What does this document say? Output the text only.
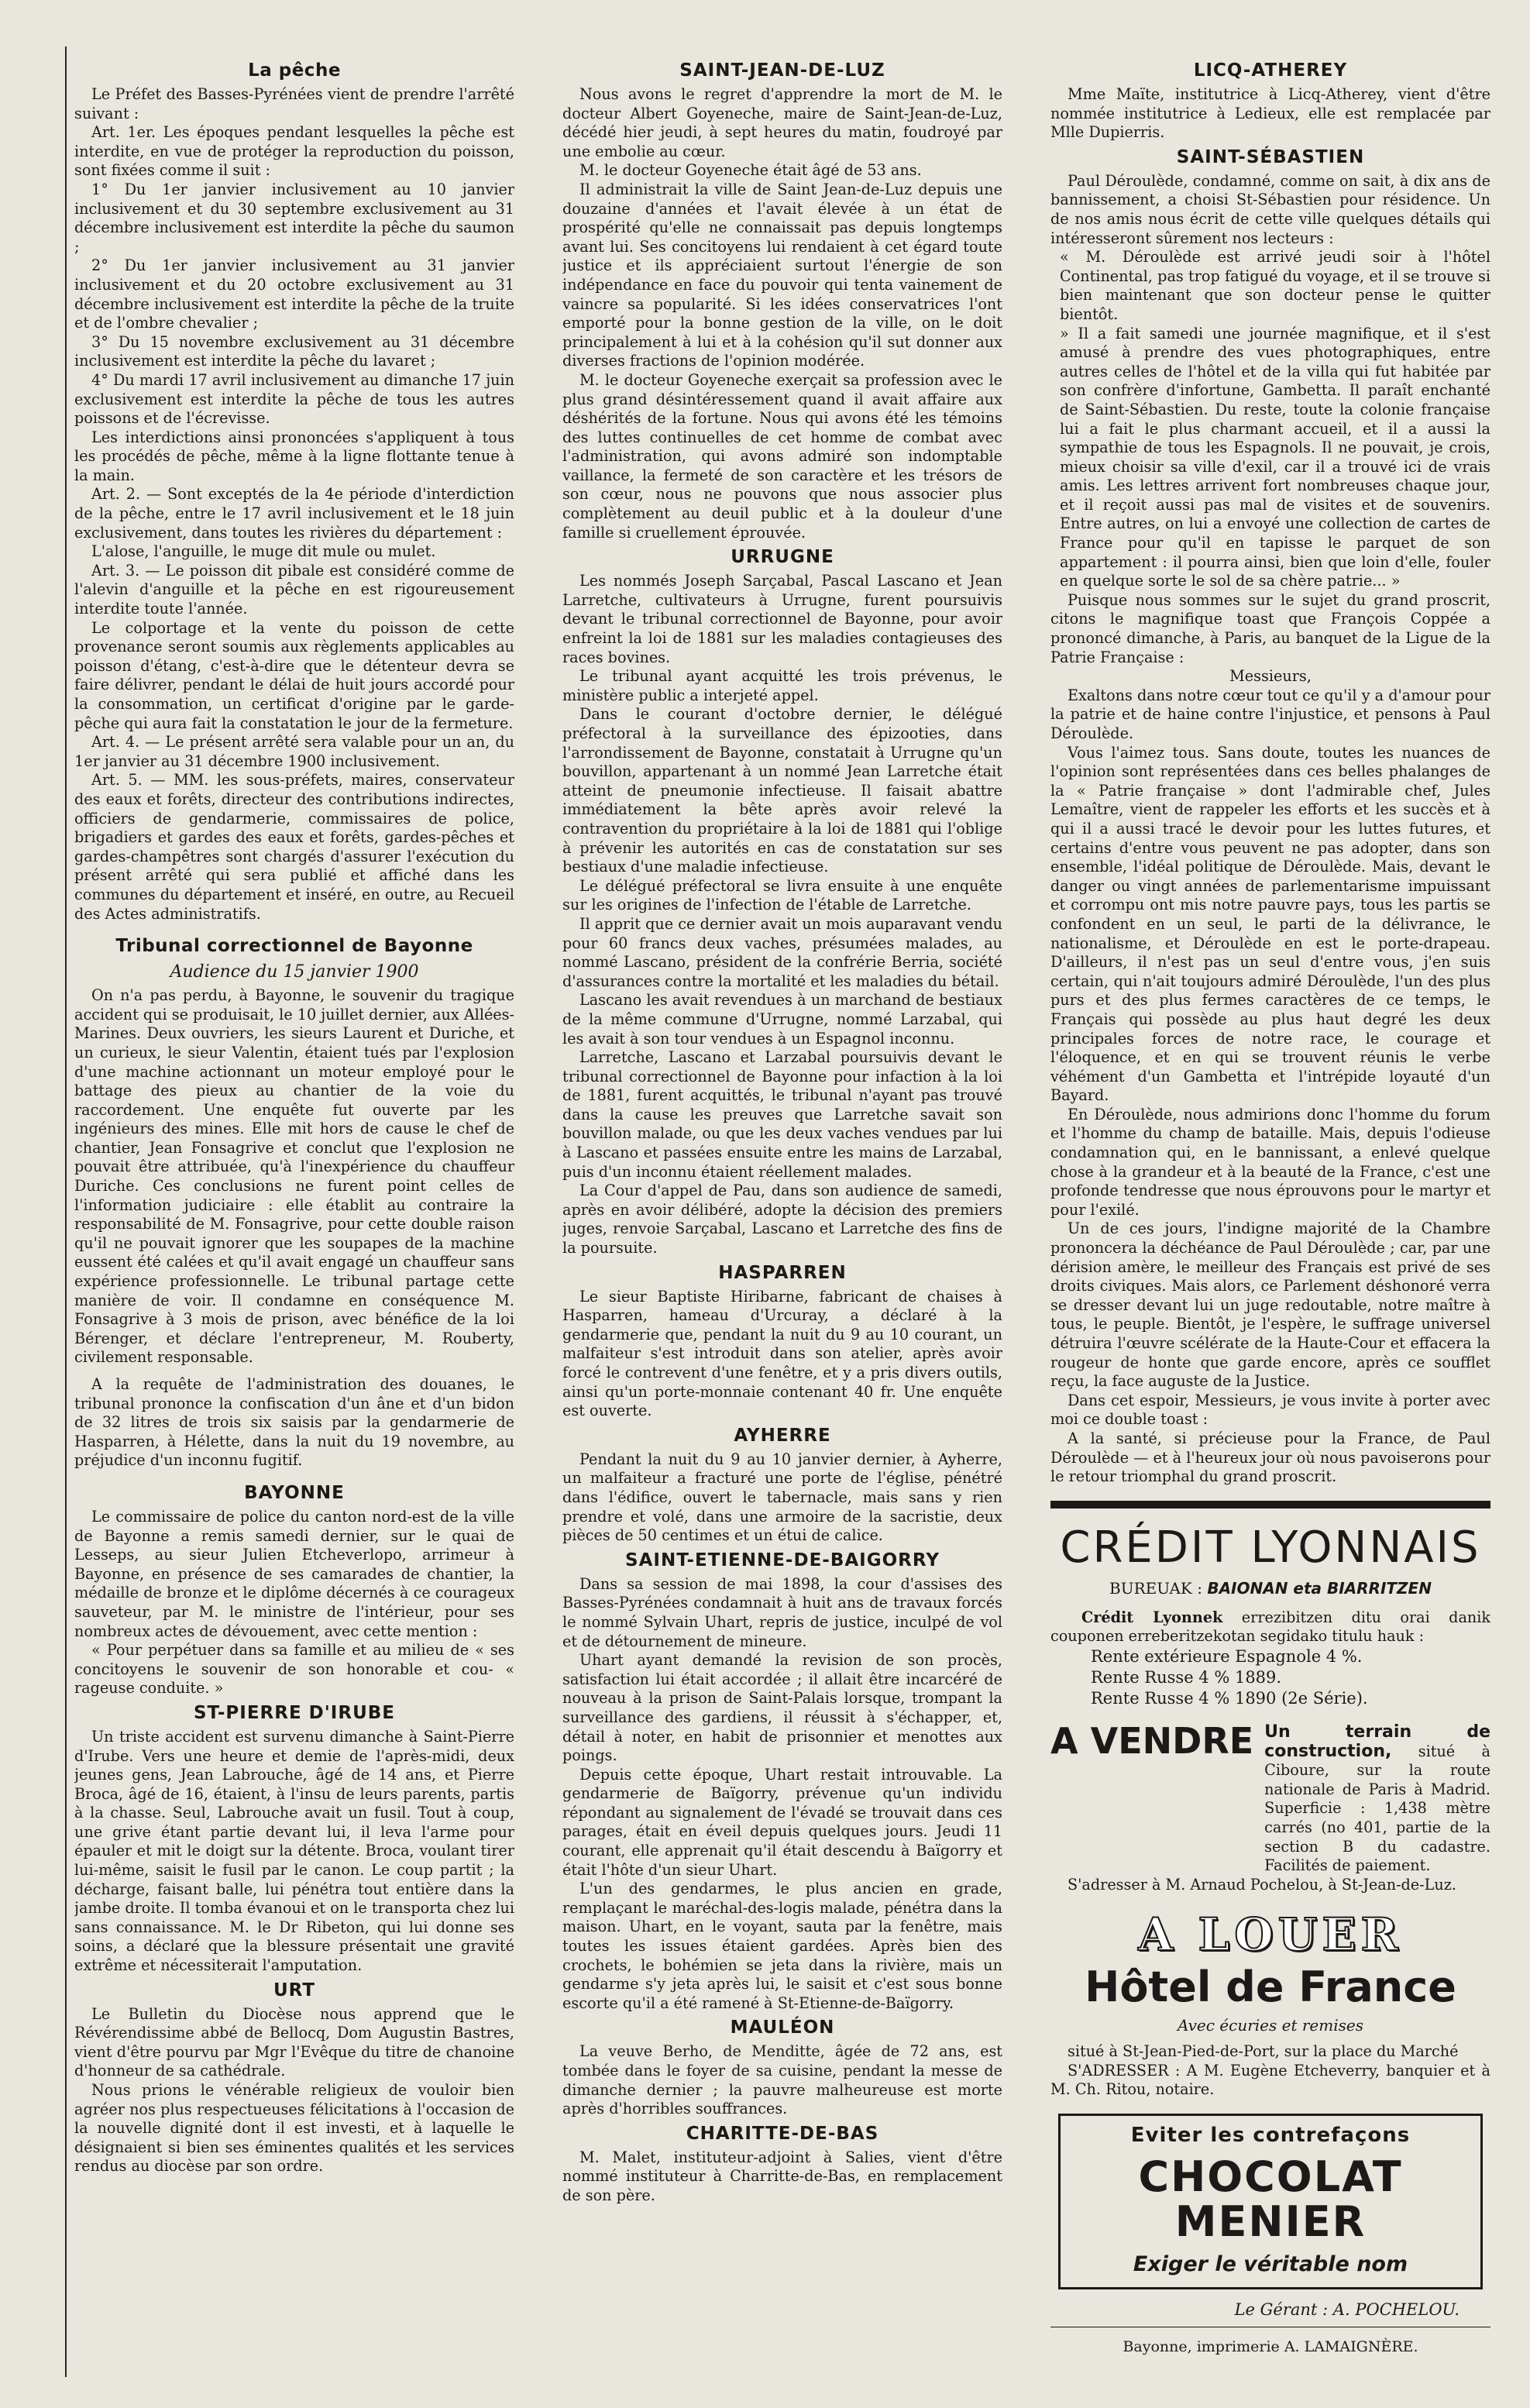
La pêche

Le Préfet des Basses-Pyrénées vient de prendre l'arrêté suivant :

Art. 1er. Les époques pendant lesquelles la pêche est interdite, en vue de protéger la reproduction du poisson, sont fixées comme il suit :

1° Du 1er janvier inclusivement au 10 janvier inclusivement et du 30 septembre exclusivement au 31 décembre inclusivement est interdite la pêche du saumon ;

2° Du 1er janvier inclusivement au 31 janvier inclusivement et du 20 octobre exclusivement au 31 décembre inclusivement est interdite la pêche de la truite et de l'ombre chevalier ;

3° Du 15 novembre exclusivement au 31 décembre inclusivement est interdite la pêche du lavaret ;

4° Du mardi 17 avril inclusivement au dimanche 17 juin exclusivement est interdite la pêche de tous les autres poissons et de l'écrevisse.

Les interdictions ainsi prononcées s'appliquent à tous les procédés de pêche, même à la ligne flottante tenue à la main.

Art. 2. — Sont exceptés de la 4e période d'interdiction de la pêche, entre le 17 avril inclusivement et le 18 juin exclusivement, dans toutes les rivières du département :

L'alose, l'anguille, le muge dit mule ou mulet.

Art. 3. — Le poisson dit pibale est considéré comme de l'alevin d'anguille et la pêche en est rigoureusement interdite toute l'année.

Le colportage et la vente du poisson de cette provenance seront soumis aux règlements applicables au poisson d'étang, c'est-à-dire que le détenteur devra se faire délivrer, pendant le délai de huit jours accordé pour la consommation, un certificat d'origine par le garde-pêche qui aura fait la constatation le jour de la fermeture.

Art. 4. — Le présent arrêté sera valable pour un an, du 1er janvier au 31 décembre 1900 inclusivement.

Art. 5. — MM. les sous-préfets, maires, conservateur des eaux et forêts, directeur des contributions indirectes, officiers de gendarmerie, commissaires de police, brigadiers et gardes des eaux et forêts, gardes-pêches et gardes-champêtres sont chargés d'assurer l'exécution du présent arrêté qui sera publié et affiché dans les communes du département et inséré, en outre, au Recueil des Actes administratifs.

Tribunal correctionnel de Bayonne
Audience du 15 janvier 1900

On n'a pas perdu, à Bayonne, le souvenir du tragique accident qui se produisait, le 10 juillet dernier, aux Allées-Marines. Deux ouvriers, les sieurs Laurent et Duriche, et un curieux, le sieur Valentin, étaient tués par l'explosion d'une machine actionnant un moteur employé pour le battage des pieux au chantier de la voie du raccordement. Une enquête fut ouverte par les ingénieurs des mines. Elle mit hors de cause le chef de chantier, Jean Fonsagrive et conclut que l'explosion ne pouvait être attribuée, qu'à l'inexpérience du chauffeur Duriche. Ces conclusions ne furent point celles de l'information judiciaire : elle établit au contraire la responsabilité de M. Fonsagrive, pour cette double raison qu'il ne pouvait ignorer que les soupapes de la machine eussent été calées et qu'il avait engagé un chauffeur sans expérience professionnelle. Le tribunal partage cette manière de voir. Il condamne en conséquence M. Fonsagrive à 3 mois de prison, avec bénéfice de la loi Bérenger, et déclare l'entrepreneur, M. Rouberty, civilement responsable.

A la requête de l'administration des douanes, le tribunal prononce la confiscation d'un âne et d'un bidon de 32 litres de trois six saisis par la gendarmerie de Hasparren, à Hélette, dans la nuit du 19 novembre, au préjudice d'un inconnu fugitif.

BAYONNE

Le commissaire de police du canton nord-est de la ville de Bayonne a remis samedi dernier, sur le quai de Lesseps, au sieur Julien Etcheverlopo, arrimeur à Bayonne, en présence de ses camarades de chantier, la médaille de bronze et le diplôme décernés à ce courageux sauveteur, par M. le ministre de l'intérieur, pour ses nombreux actes de dévouement, avec cette mention :

« Pour perpétuer dans sa famille et au milieu de « ses concitoyens le souvenir de son honorable et cou- « rageuse conduite. »

ST-PIERRE D'IRUBE

Un triste accident est survenu dimanche à Saint-Pierre d'Irube. Vers une heure et demie de l'après-midi, deux jeunes gens, Jean Labrouche, âgé de 14 ans, et Pierre Broca, âgé de 16, étaient, à l'insu de leurs parents, partis à la chasse. Seul, Labrouche avait un fusil. Tout à coup, une grive étant partie devant lui, il leva l'arme pour épauler et mit le doigt sur la détente. Broca, voulant tirer lui-même, saisit le fusil par le canon. Le coup partit ; la décharge, faisant balle, lui pénétra tout entière dans la jambe droite. Il tomba évanoui et on le transporta chez lui sans connaissance. M. le Dr Ribeton, qui lui donne ses soins, a déclaré que la blessure présentait une gravité extrême et nécessiterait l'amputation.

URT

Le Bulletin du Diocèse nous apprend que le Révérendissime abbé de Bellocq, Dom Augustin Bastres, vient d'être pourvu par Mgr l'Evêque du titre de chanoine d'honneur de sa cathédrale.

Nous prions le vénérable religieux de vouloir bien agréer nos plus respectueuses félicitations à l'occasion de la nouvelle dignité dont il est investi, et à laquelle le désignaient si bien ses éminentes qualités et les services rendus au diocèse par son ordre.

SAINT-JEAN-DE-LUZ

Nous avons le regret d'apprendre la mort de M. le docteur Albert Goyeneche, maire de Saint-Jean-de-Luz, décédé hier jeudi, à sept heures du matin, foudroyé par une embolie au cœur.

M. le docteur Goyeneche était âgé de 53 ans.

Il administrait la ville de Saint Jean-de-Luz depuis une douzaine d'années et l'avait élevée à un état de prospérité qu'elle ne connaissait pas depuis longtemps avant lui. Ses concitoyens lui rendaient à cet égard toute justice et ils appréciaient surtout l'énergie de son indépendance en face du pouvoir qui tenta vainement de vaincre sa popularité. Si les idées conservatrices l'ont emporté pour la bonne gestion de la ville, on le doit principalement à lui et à la cohésion qu'il sut donner aux diverses fractions de l'opinion modérée.

M. le docteur Goyeneche exerçait sa profession avec le plus grand désintéressement quand il avait affaire aux déshérités de la fortune. Nous qui avons été les témoins des luttes continuelles de cet homme de combat avec l'administration, qui avons admiré son indomptable vaillance, la fermeté de son caractère et les trésors de son cœur, nous ne pouvons que nous associer plus complètement au deuil public et à la douleur d'une famille si cruellement éprouvée.

URRUGNE

Les nommés Joseph Sarçabal, Pascal Lascano et Jean Larretche, cultivateurs à Urrugne, furent poursuivis devant le tribunal correctionnel de Bayonne, pour avoir enfreint la loi de 1881 sur les maladies contagieuses des races bovines.

Le tribunal ayant acquitté les trois prévenus, le ministère public a interjeté appel.

Dans le courant d'octobre dernier, le délégué préfectoral à la surveillance des épizooties, dans l'arrondissement de Bayonne, constatait à Urrugne qu'un bouvillon, appartenant à un nommé Jean Larretche était atteint de pneumonie infectieuse. Il faisait abattre immédiatement la bête après avoir relevé la contravention du propriétaire à la loi de 1881 qui l'oblige à prévenir les autorités en cas de constatation sur ses bestiaux d'une maladie infectieuse.

Le délégué préfectoral se livra ensuite à une enquête sur les origines de l'infection de l'étable de Larretche.

Il apprit que ce dernier avait un mois auparavant vendu pour 60 francs deux vaches, présumées malades, au nommé Lascano, président de la confrérie Berria, société d'assurances contre la mortalité et les maladies du bétail.

Lascano les avait revendues à un marchand de bestiaux de la même commune d'Urrugne, nommé Larzabal, qui les avait à son tour vendues à un Espagnol inconnu.

Larretche, Lascano et Larzabal poursuivis devant le tribunal correctionnel de Bayonne pour infaction à la loi de 1881, furent acquittés, le tribunal n'ayant pas trouvé dans la cause les preuves que Larretche savait son bouvillon malade, ou que les deux vaches vendues par lui à Lascano et passées ensuite entre les mains de Larzabal, puis d'un inconnu étaient réellement malades.

La Cour d'appel de Pau, dans son audience de samedi, après en avoir délibéré, adopte la décision des premiers juges, renvoie Sarçabal, Lascano et Larretche des fins de la poursuite.

HASPARREN

Le sieur Baptiste Hiribarne, fabricant de chaises à Hasparren, hameau d'Urcuray, a déclaré à la gendarmerie que, pendant la nuit du 9 au 10 courant, un malfaiteur s'est introduit dans son atelier, après avoir forcé le contrevent d'une fenêtre, et y a pris divers outils, ainsi qu'un porte-monnaie contenant 40 fr. Une enquête est ouverte.

AYHERRE

Pendant la nuit du 9 au 10 janvier dernier, à Ayherre, un malfaiteur a fracturé une porte de l'église, pénétré dans l'édifice, ouvert le tabernacle, mais sans y rien prendre et volé, dans une armoire de la sacristie, deux pièces de 50 centimes et un étui de calice.

SAINT-ETIENNE-DE-BAIGORRY

Dans sa session de mai 1898, la cour d'assises des Basses-Pyrénées condamnait à huit ans de travaux forcés le nommé Sylvain Uhart, repris de justice, inculpé de vol et de détournement de mineure.

Uhart ayant demandé la revision de son procès, satisfaction lui était accordée ; il allait être incarcéré de nouveau à la prison de Saint-Palais lorsque, trompant la surveillance des gardiens, il réussit à s'échapper, et, détail à noter, en habit de prisonnier et menottes aux poings.

Depuis cette époque, Uhart restait introuvable. La gendarmerie de Baïgorry, prévenue qu'un individu répondant au signalement de l'évadé se trouvait dans ces parages, était en éveil depuis quelques jours. Jeudi 11 courant, elle apprenait qu'il était descendu à Baïgorry et était l'hôte d'un sieur Uhart.

L'un des gendarmes, le plus ancien en grade, remplaçant le maréchal-des-logis malade, pénétra dans la maison. Uhart, en le voyant, sauta par la fenêtre, mais toutes les issues étaient gardées. Après bien des crochets, le bohémien se jeta dans la rivière, mais un gendarme s'y jeta après lui, le saisit et c'est sous bonne escorte qu'il a été ramené à St-Etienne-de-Baïgorry.

MAULÉON

La veuve Berho, de Menditte, âgée de 72 ans, est tombée dans le foyer de sa cuisine, pendant la messe de dimanche dernier ; la pauvre malheureuse est morte après d'horribles souffrances.

CHARITTE-DE-BAS

M. Malet, instituteur-adjoint à Salies, vient d'être nommé instituteur à Charritte-de-Bas, en remplacement de son père.

LICQ-ATHEREY

Mme Maïte, institutrice à Licq-Atherey, vient d'être nommée institutrice à Ledieux, elle est remplacée par Mlle Dupierris.

SAINT-SÉBASTIEN

Paul Déroulède, condamné, comme on sait, à dix ans de bannissement, a choisi St-Sébastien pour résidence. Un de nos amis nous écrit de cette ville quelques détails qui intéresseront sûrement nos lecteurs :

« M. Déroulède est arrivé jeudi soir à l'hôtel Continental, pas trop fatigué du voyage, et il se trouve si bien maintenant que son docteur pense le quitter bientôt.

» Il a fait samedi une journée magnifique, et il s'est amusé à prendre des vues photographiques, entre autres celles de l'hôtel et de la villa qui fut habitée par son confrère d'infortune, Gambetta. Il paraît enchanté de Saint-Sébastien. Du reste, toute la colonie française lui a fait le plus charmant accueil, et il a aussi la sympathie de tous les Espagnols. Il ne pouvait, je crois, mieux choisir sa ville d'exil, car il a trouvé ici de vrais amis. Les lettres arrivent fort nombreuses chaque jour, et il reçoit aussi pas mal de visites et de souvenirs. Entre autres, on lui a envoyé une collection de cartes de France pour qu'il en tapisse le parquet de son appartement : il pourra ainsi, bien que loin d'elle, fouler en quelque sorte le sol de sa chère patrie... »

Puisque nous sommes sur le sujet du grand proscrit, citons le magnifique toast que François Coppée a prononcé dimanche, à Paris, au banquet de la Ligue de la Patrie Française :

Messieurs,

Exaltons dans notre cœur tout ce qu'il y a d'amour pour la patrie et de haine contre l'injustice, et pensons à Paul Déroulède.

Vous l'aimez tous. Sans doute, toutes les nuances de l'opinion sont représentées dans ces belles phalanges de la « Patrie française » dont l'admirable chef, Jules Lemaître, vient de rappeler les efforts et les succès et à qui il a aussi tracé le devoir pour les luttes futures, et certains d'entre vous peuvent ne pas adopter, dans son ensemble, l'idéal politique de Déroulède. Mais, devant le danger ou vingt années de parlementarisme impuissant et corrompu ont mis notre pauvre pays, tous les partis se confondent en un seul, le parti de la délivrance, le nationalisme, et Déroulède en est le porte-drapeau. D'ailleurs, il n'est pas un seul d'entre vous, j'en suis certain, qui n'ait toujours admiré Déroulède, l'un des plus purs et des plus fermes caractères de ce temps, le Français qui possède au plus haut degré les deux principales forces de notre race, le courage et l'éloquence, et en qui se trouvent réunis le verbe véhément d'un Gambetta et l'intrépide loyauté d'un Bayard.

En Déroulède, nous admirions donc l'homme du forum et l'homme du champ de bataille. Mais, depuis l'odieuse condamnation qui, en le bannissant, a enlevé quelque chose à la grandeur et à la beauté de la France, c'est une profonde tendresse que nous éprouvons pour le martyr et pour l'exilé.

Un de ces jours, l'indigne majorité de la Chambre prononcera la déchéance de Paul Déroulède ; car, par une dérision amère, le meilleur des Français est privé de ses droits civiques. Mais alors, ce Parlement déshonoré verra se dresser devant lui un juge redoutable, notre maître à tous, le peuple. Bientôt, je l'espère, le suffrage universel détruira l'œuvre scélérate de la Haute-Cour et effacera la rougeur de honte que garde encore, après ce soufflet reçu, la face auguste de la Justice.

Dans cet espoir, Messieurs, je vous invite à porter avec moi ce double toast :

A la santé, si précieuse pour la France, de Paul Déroulède — et à l'heureux jour où nous pavoiserons pour le retour triomphal du grand proscrit.

CRÉDIT LYONNAIS
BUREUAK : BAIONAN eta BIARRITZEN
Crédit Lyonnek errezibitzen ditu orai danik couponen erreberitzekotan segidako titulu hauk :
Rente extérieure Espagnole 4 %.
Rente Russe 4 % 1889.
Rente Russe 4 % 1890 (2e Série).
A VENDRE Un terrain de construction, situé à Ciboure, sur la route nationale de Paris à Madrid. Superficie : 1,438 mètre carrés (no 401, partie de la section B du cadastre. Facilités de paiement.

S'adresser à M. Arnaud Pochelou, à St-Jean-de-Luz.

A LOUER
Hôtel de France
Avec écuries et remises

situé à St-Jean-Pied-de-Port, sur la place du Marché

S'ADRESSER : A M. Eugène Etcheverry, banquier et à M. Ch. Ritou, notaire.

Eviter les contrefaçons
CHOCOLAT
MENIER
Exiger le véritable nom
Le Gérant : A. POCHELOU.
Bayonne, imprimerie A. LAMAIGNÈRE.
